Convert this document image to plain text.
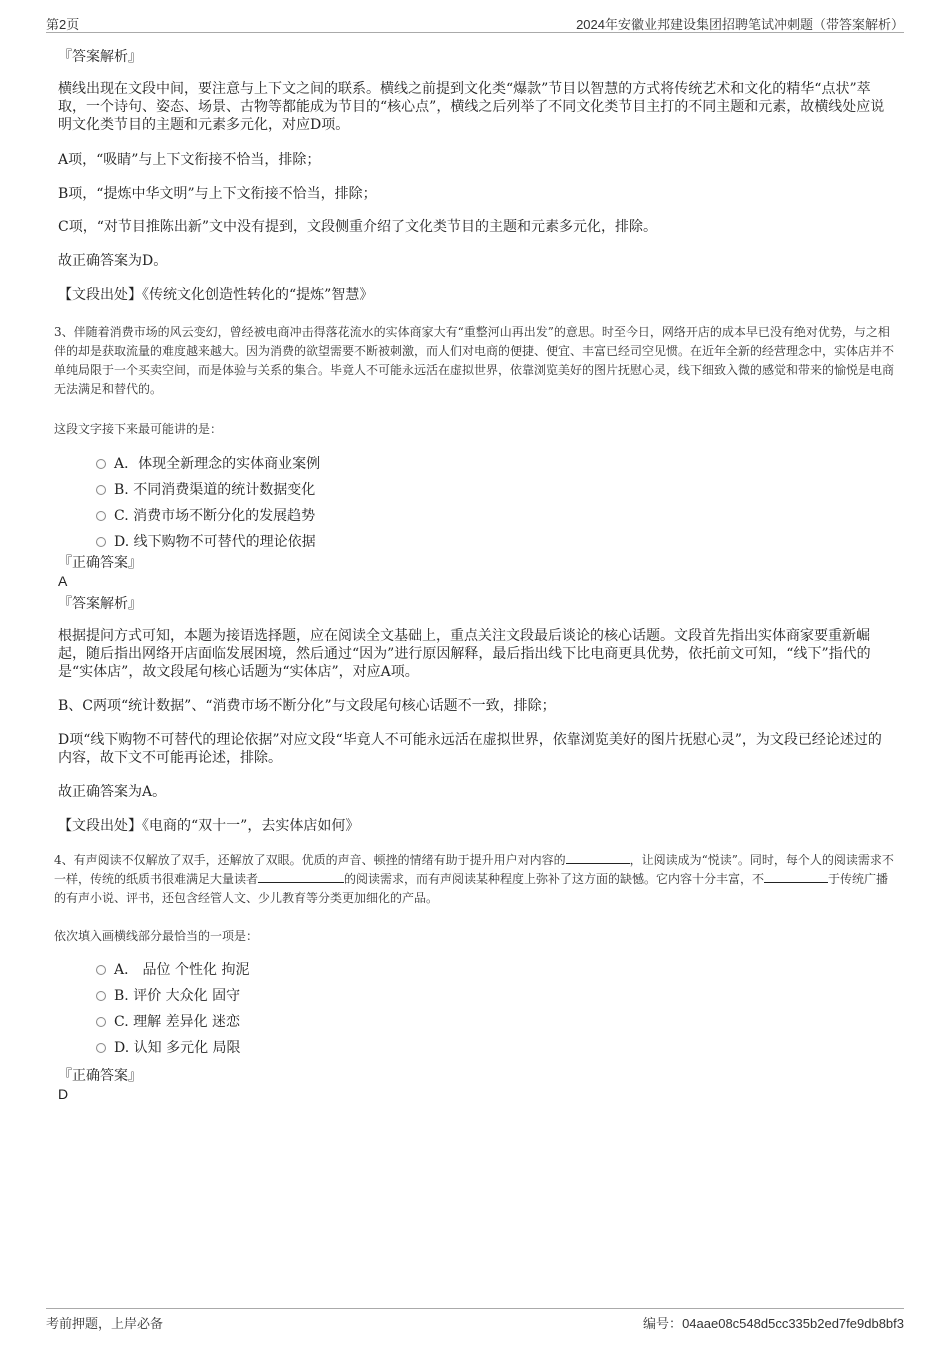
第2页	2024年安徽业邦建设集团招聘笔试冲刺题（带答案解析）
『答案解析』

横线出现在文段中间，要注意与上下文之间的联系。横线之前提到文化类“爆款”节目以智慧的方式将传统艺术和文化的精华“点状”萃取，一个诗句、姿态、场景、古物等都能成为节目的“核心点”，横线之后列举了不同文化类节目主打的不同主题和元素，故横线处应说明文化类节目的主题和元素多元化，对应D项。

A项，“吸睛”与上下文衔接不恰当，排除；

B项，“提炼中华文明”与上下文衔接不恰当，排除；

C项，“对节目推陈出新”文中没有提到，文段侧重介绍了文化类节目的主题和元素多元化，排除。

故正确答案为D。

【文段出处】《传统文化创造性转化的“提炼”智慧》

3、伴随着消费市场的风云变幻，曾经被电商冲击得落花流水的实体商家大有“重整河山再出发”的意思。时至今日，网络开店的成本早已没有绝对优势，与之相伴的却是获取流量的难度越来越大。因为消费的欲望需要不断被刺激，而人们对电商的便捷、便宜、丰富已经司空见惯。在近年全新的经营理念中，实体店并不单纯局限于一个买卖空间，而是体验与关系的集合。毕竟人不可能永远活在虚拟世界，依靠浏览美好的图片抚慰心灵，线下细致入微的感觉和带来的愉悦是电商无法满足和替代的。

这段文字接下来最可能讲的是：

A．体现全新理念的实体商业案例
B. 不同消费渠道的统计数据变化
C. 消费市场不断分化的发展趋势
D. 线下购物不可替代的理论依据
『正确答案』
A
『答案解析』

根据提问方式可知，本题为接语选择题，应在阅读全文基础上，重点关注文段最后谈论的核心话题。文段首先指出实体商家要重新崛起，随后指出网络开店面临发展困境，然后通过“因为”进行原因解释，最后指出线下比电商更具优势，依托前文可知，“线下”指代的是“实体店”，故文段尾句核心话题为“实体店”，对应A项。

B、C两项“统计数据”、“消费市场不断分化”与文段尾句核心话题不一致，排除；

D项“线下购物不可替代的理论依据”对应文段“毕竟人不可能永远活在虚拟世界，依靠浏览美好的图片抚慰心灵”，为文段已经论述过的内容，故下文不可能再论述，排除。

故正确答案为A。

【文段出处】《电商的“双十一”，去实体店如何》

4、有声阅读不仅解放了双手，还解放了双眼。优质的声音、顿挫的情绪有助于提升用户对内容的	，让阅读成为“悦读”。同时，每个人的阅读需求不一样，传统的纸质书很难满足大量读者	的阅读需求，而有声阅读某种程度上弥补了这方面的缺憾。它内容十分丰富，不	于传统广播的有声小说、评书，还包含经管人文、少儿教育等分类更加细化的产品。

依次填入画横线部分最恰当的一项是：

A． 品位 个性化 拘泥
B. 评价 大众化 固守
C. 理解 差异化 迷恋
D. 认知 多元化 局限
『正确答案』
D
考前押题，上岸必备	编号：04aae08c548d5cc335b2ed7fe9db8bf3
